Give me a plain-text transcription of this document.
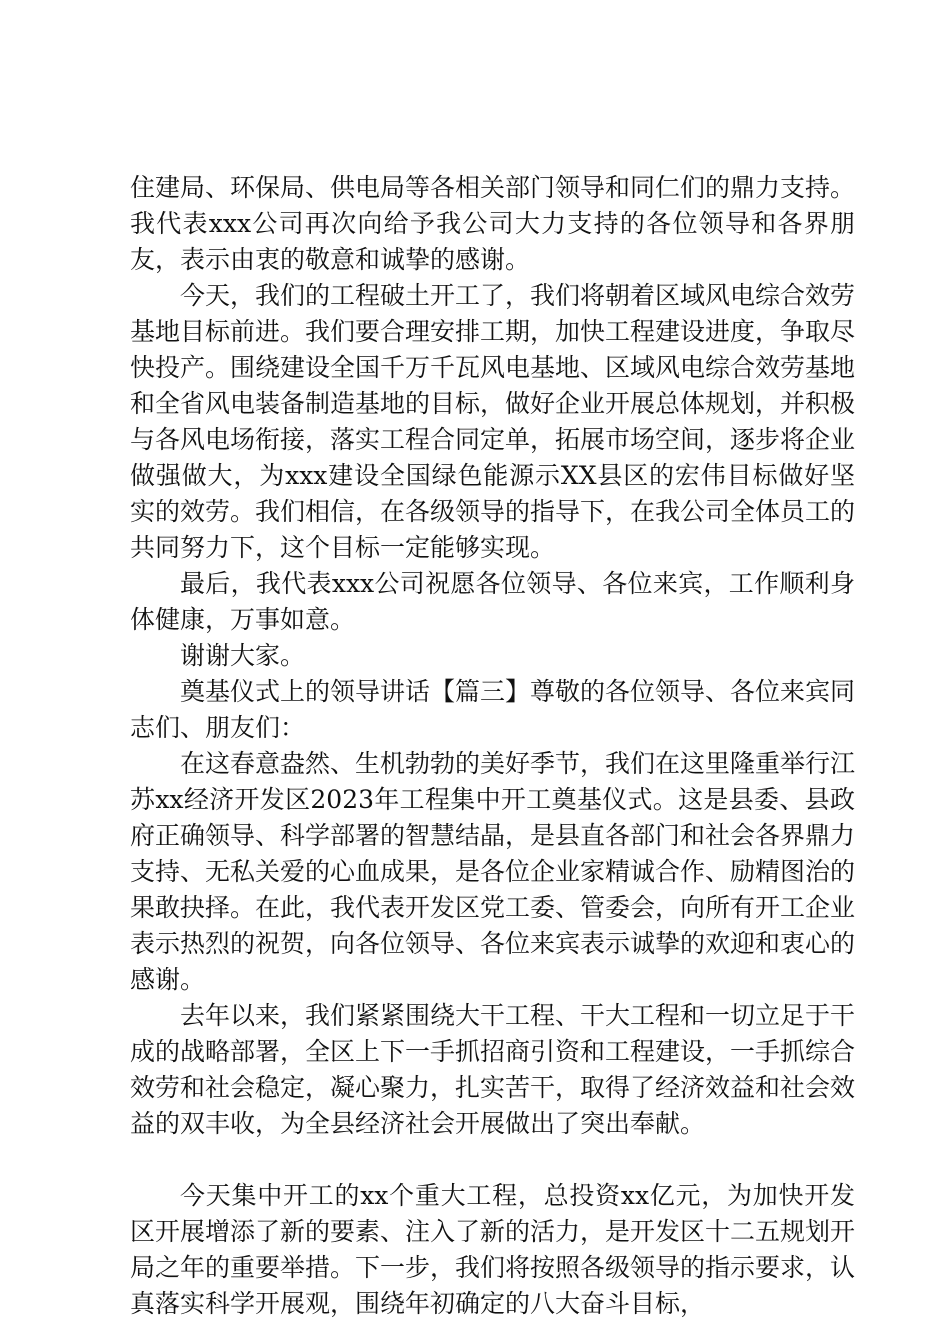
住建局、环保局、供电局等各相关部门领导和同仁们的鼎力支持。我代表xxx公司再次向给予我公司大力支持的各位领导和各界朋友，表示由衷的敬意和诚挚的感谢。

今天，我们的工程破土开工了，我们将朝着区域风电综合效劳基地目标前进。我们要合理安排工期，加快工程建设进度，争取尽快投产。围绕建设全国千万千瓦风电基地、区域风电综合效劳基地和全省风电装备制造基地的目标，做好企业开展总体规划，并积极与各风电场衔接，落实工程合同定单，拓展市场空间，逐步将企业做强做大，为xxx建设全国绿色能源示XX县区的宏伟目标做好坚实的效劳。我们相信，在各级领导的指导下，在我公司全体员工的共同努力下，这个目标一定能够实现。

最后，我代表xxx公司祝愿各位领导、各位来宾，工作顺利身体健康，万事如意。

谢谢大家。

奠基仪式上的领导讲话【篇三】尊敬的各位领导、各位来宾同志们、朋友们：

在这春意盎然、生机勃勃的美好季节，我们在这里隆重举行江苏xx经济开发区2023年工程集中开工奠基仪式。这是县委、县政府正确领导、科学部署的智慧结晶，是县直各部门和社会各界鼎力支持、无私关爱的心血成果，是各位企业家精诚合作、励精图治的果敢抉择。在此，我代表开发区党工委、管委会，向所有开工企业表示热烈的祝贺，向各位领导、各位来宾表示诚挚的欢迎和衷心的感谢。

去年以来，我们紧紧围绕大干工程、干大工程和一切立足于干成的战略部署，全区上下一手抓招商引资和工程建设，一手抓综合效劳和社会稳定，凝心聚力，扎实苦干，取得了经济效益和社会效益的双丰收，为全县经济社会开展做出了突出奉献。

今天集中开工的xx个重大工程，总投资xx亿元，为加快开发区开展增添了新的要素、注入了新的活力，是开发区十二五规划开局之年的重要举措。下一步，我们将按照各级领导的指示要求，认真落实科学开展观，围绕年初确定的八大奋斗目标，
